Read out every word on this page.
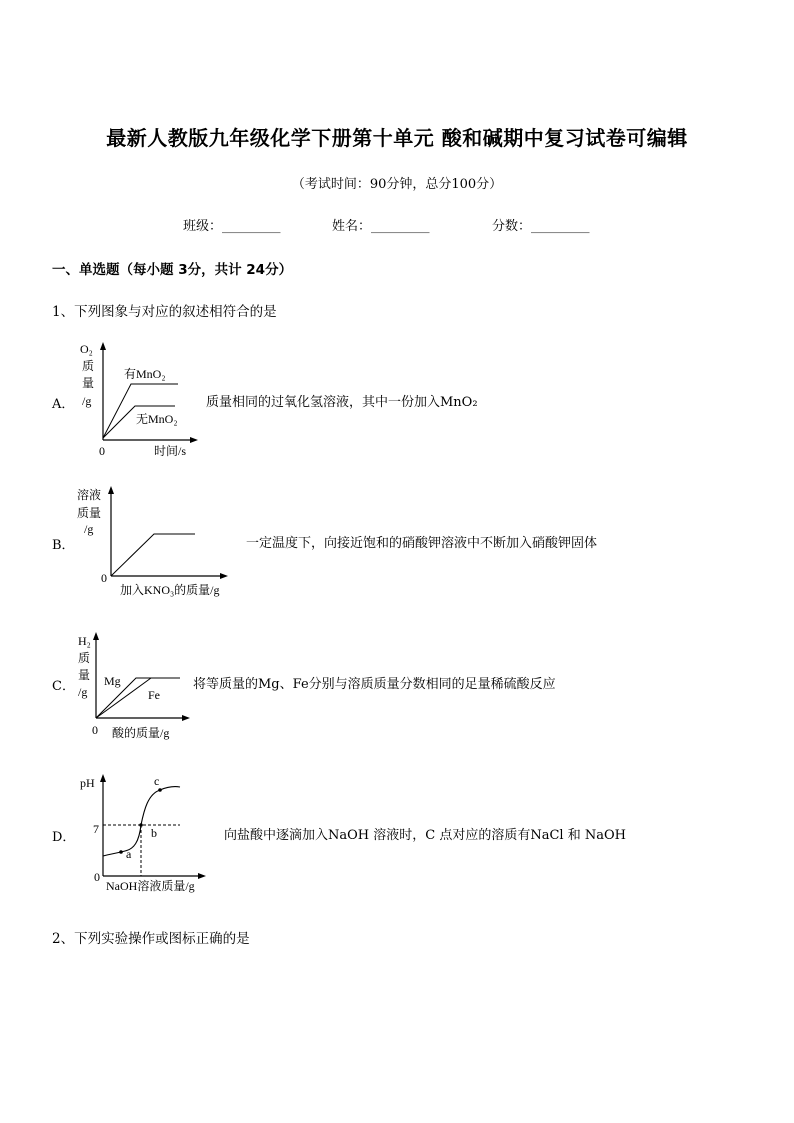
最新人教版九年级化学下册第十单元 酸和碱期中复习试卷可编辑
（考试时间：90分钟，总分100分）
班级：_________	姓名：_________	分数：_________
一、单选题（每小题 3分，共计 24分）
1、下列图象与对应的叙述相符合的是
A．
O₂
质
量
/g
0	时间/s
有MnO₂
无MnO₂
质量相同的过氧化氢溶液，其中一份加入MnO₂
B．
溶液
质量
/g
0
加入KNO₃的质量/g
一定温度下，向接近饱和的硝酸钾溶液中不断加入硝酸钾固体
C．
H₂
质
量
/g
0 酸的质量/g
Mg
Fe
将等质量的Mg、Fe分别与溶质质量分数相同的足量稀硫酸反应
D．
pH
7
0
NaOH溶液质量/g
a
b
c
向盐酸中逐滴加入NaOH 溶液时，C 点对应的溶质有NaCl 和 NaOH
2、下列实验操作或图标正确的是
